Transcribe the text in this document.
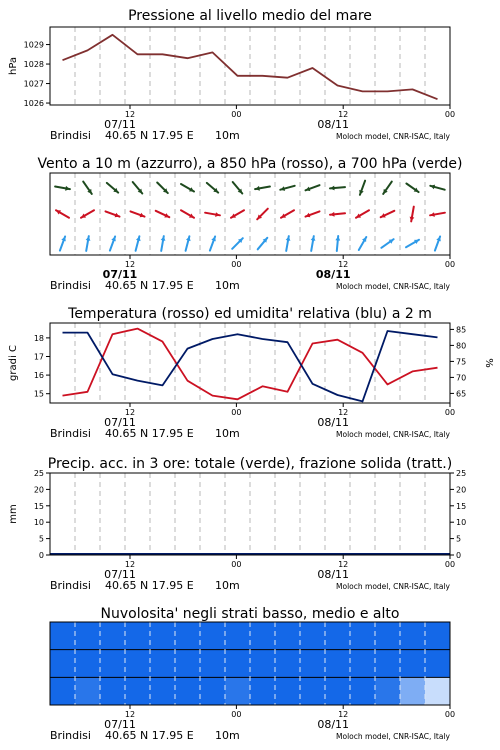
Pressione al livello medio del mare
1026
1027
1028
1029
hPa
12	00	12	00
07/11	08/11
Brindisi 40.65 N 17.95 E 10m	Moloch model, CNR-ISAC, Italy
Vento a 10 m (azzurro), a 850 hPa (rosso), a 700 hPa (verde)
12	00	12	00
07/11	08/11
Brindisi 40.65 N 17.95 E 10m	Moloch model, CNR-ISAC, Italy
Temperatura (rosso) ed umidita' relativa (blu) a 2 m
15
16
17
18
65
70
75
80
85
gradi C	%
12	00	12	00
07/11	08/11
Brindisi 40.65 N 17.95 E 10m	Moloch model, CNR-ISAC, Italy
Precip. acc. in 3 ore: totale (verde), frazione solida (tratt.)
0	0
5	5
10	10
15	15
20	20
25	25
mm
12	00	12	00
07/11	08/11
Brindisi 40.65 N 17.95 E 10m	Moloch model, CNR-ISAC, Italy
Nuvolosita' negli strati basso, medio e alto
12	00	12	00
07/11	08/11
Brindisi 40.65 N 17.95 E 10m	Moloch model, CNR-ISAC, Italy
